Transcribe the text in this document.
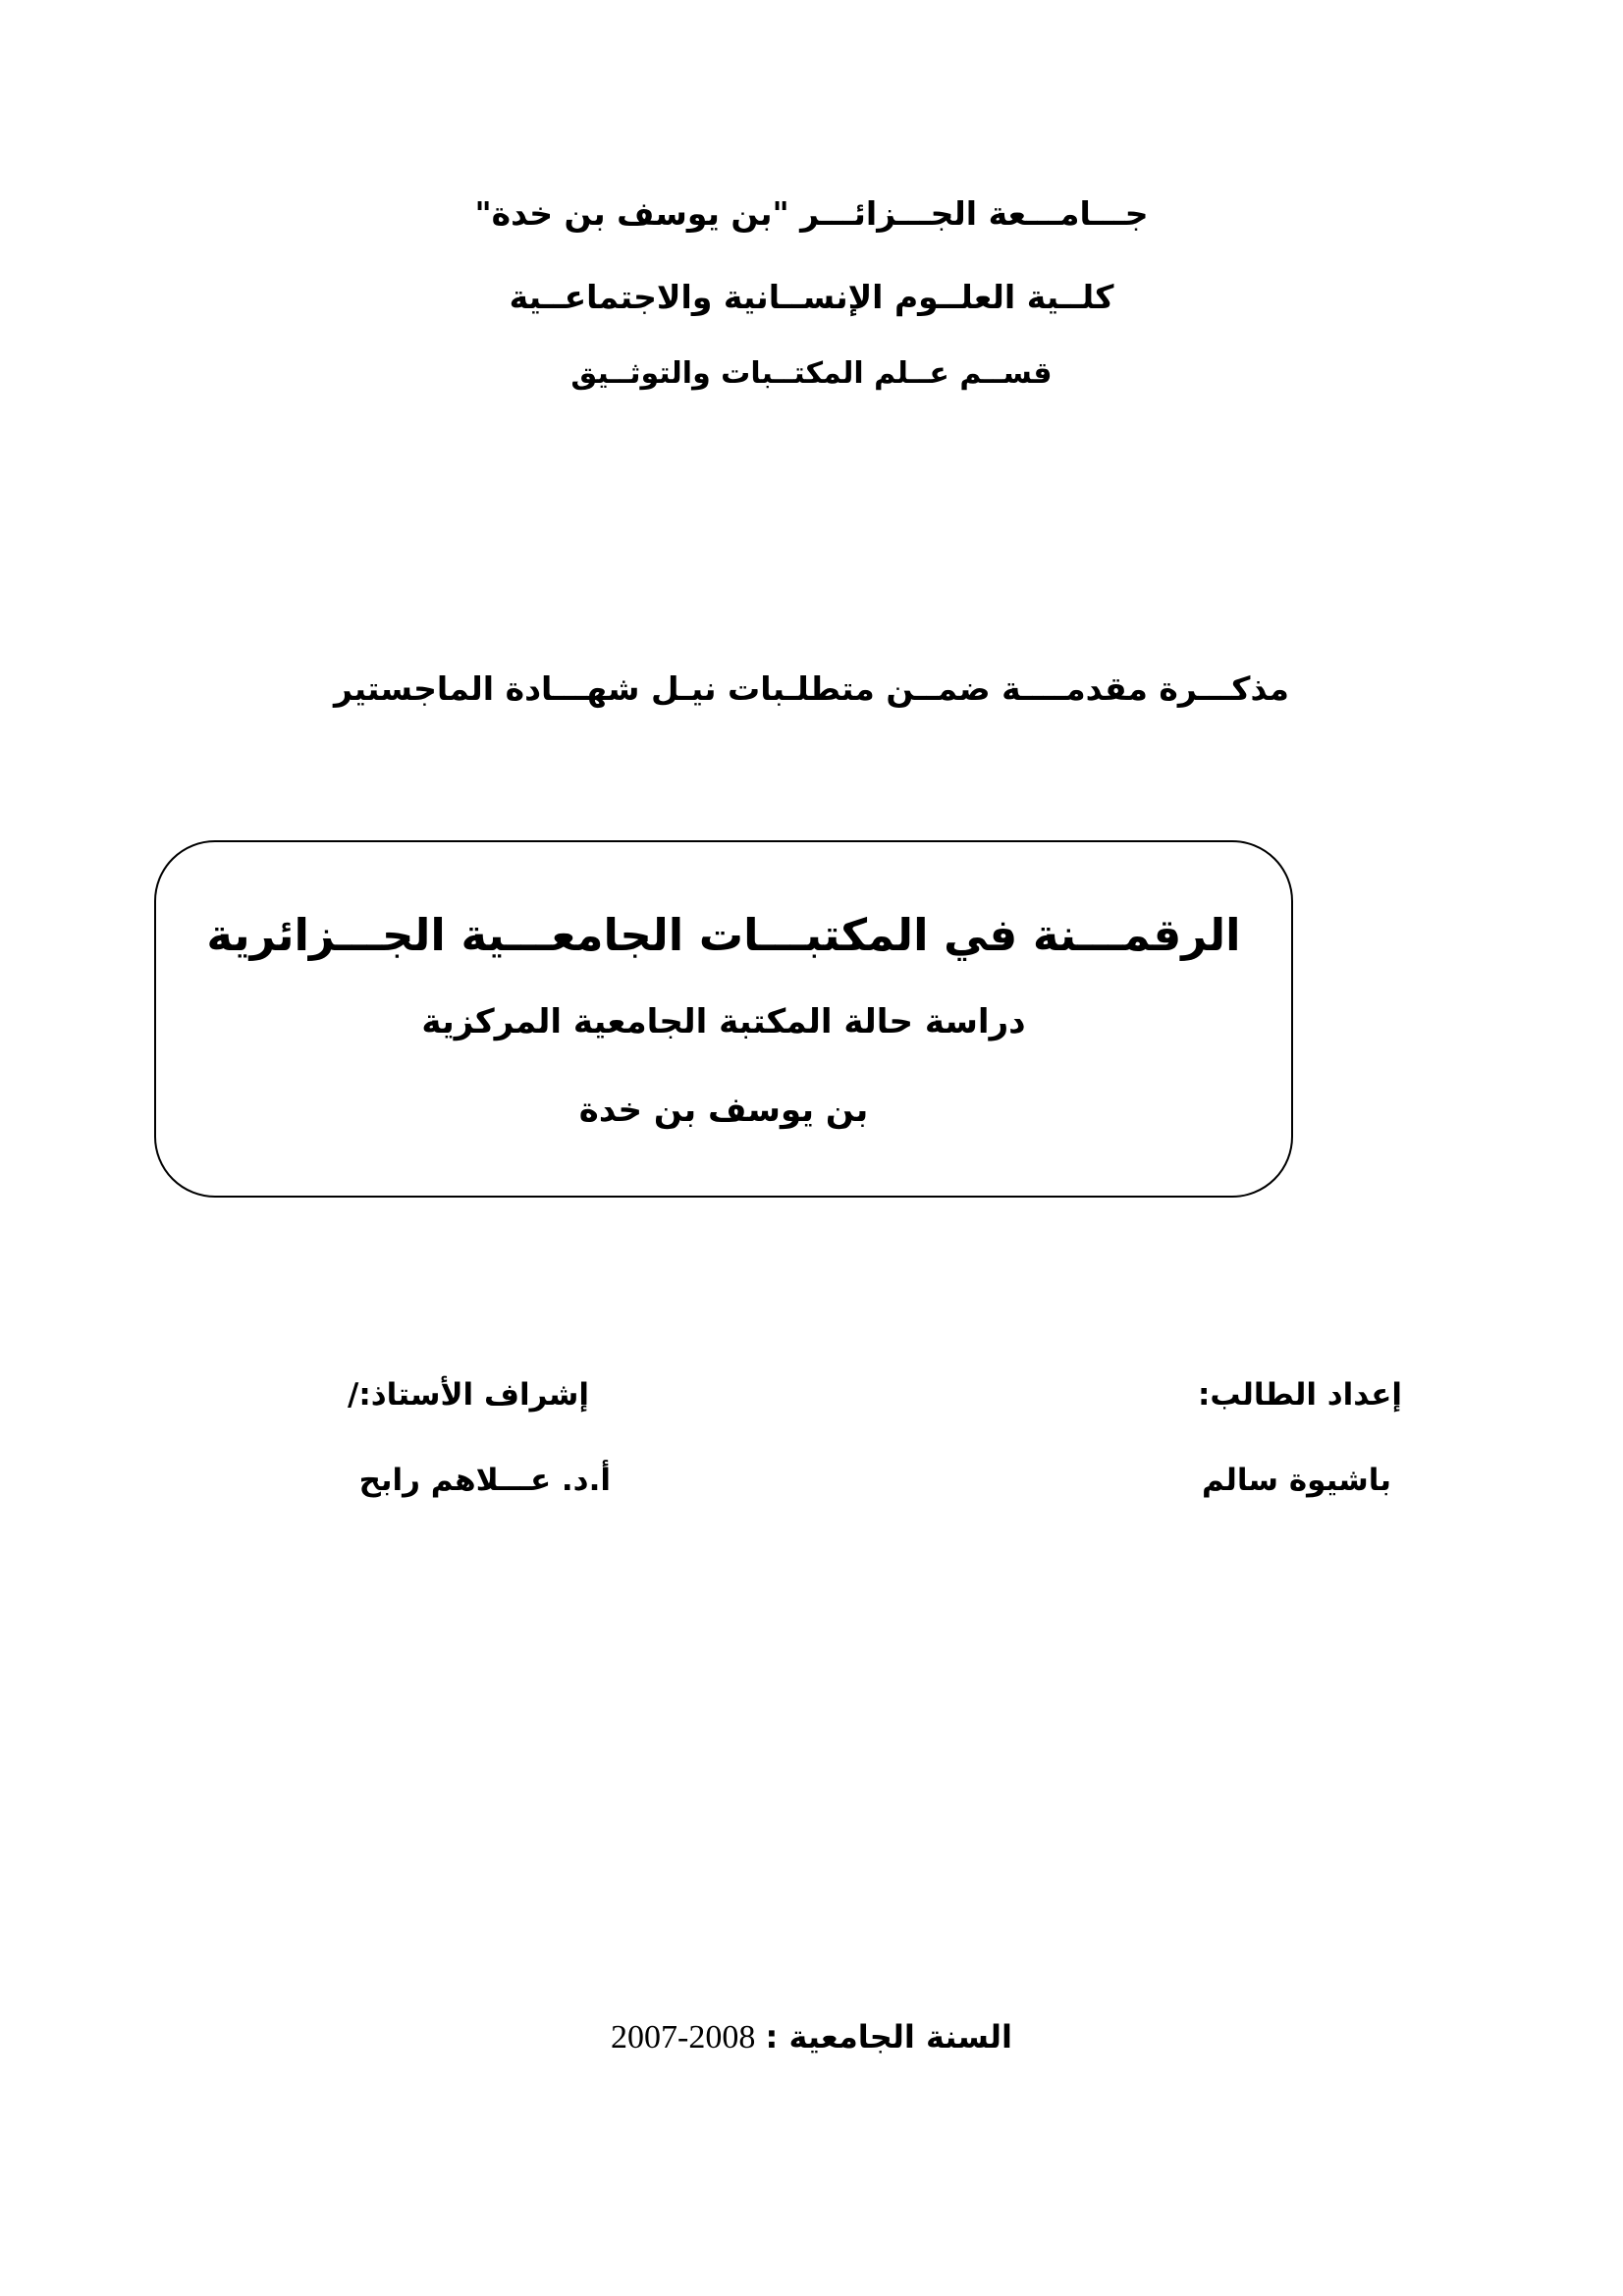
جـــامـــعة الجـــزائـــر "بن يوسف بن خدة"
كلــية العلــوم الإنســانية والاجتماعــية
قســم عــلم المكتــبات والتوثــيق
مذكـــرة مقدمــــة ضمــن متطلـبات نيـل شهـــادة الماجستير
الرقمـــنة في المكتبـــات الجامعـــية الجـــزائرية
دراسة حالة المكتبة الجامعية المركزية
بن يوسف بن خدة
إعداد الطالب:
باشيوة سالم
إشراف الأستاذ:/
أ.د. عـــلاهم رابح
السنة الجامعية : 2007-2008
